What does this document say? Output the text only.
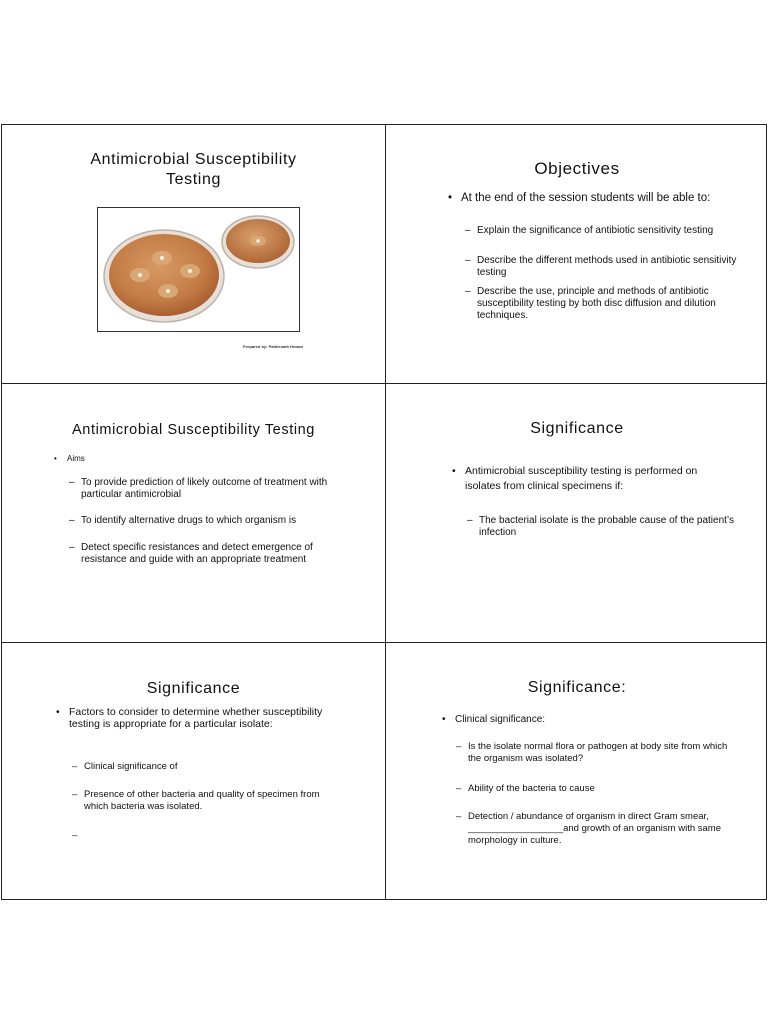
Antimicrobial Susceptibility
Testing
Prepared by: Pathlenath Hewan
Objectives
• At the end of the session students will be able to:
– Explain the significance of antibiotic sensitivity testing
– Describe the different methods used in antibiotic sensitivity testing
– Describe the use, principle and methods of antibiotic susceptibility testing by both disc diffusion and dilution techniques.
Antimicrobial Susceptibility Testing
• Aims
– To provide prediction of likely outcome of treatment with particular antimicrobial
– To identify alternative drugs to which organism is
– Detect specific resistances and detect emergence of resistance and guide with an appropriate treatment
Significance
• Antimicrobial susceptibility testing is performed on isolates from clinical specimens if:
– The bacterial isolate is the probable cause of the patient’s infection
Significance
• Factors to consider to determine whether susceptibility testing is appropriate for a particular isolate:
– Clinical significance of
– Presence of other bacteria and quality of specimen from which bacteria was isolated.
Significance:
• Clinical significance:
– Is the isolate normal flora or pathogen at body site from which the organism was isolated?
– Ability of the bacteria to cause
– Detection / abundance of organism in direct Gram smear, __________________and growth of an organism with same morphology in culture.
